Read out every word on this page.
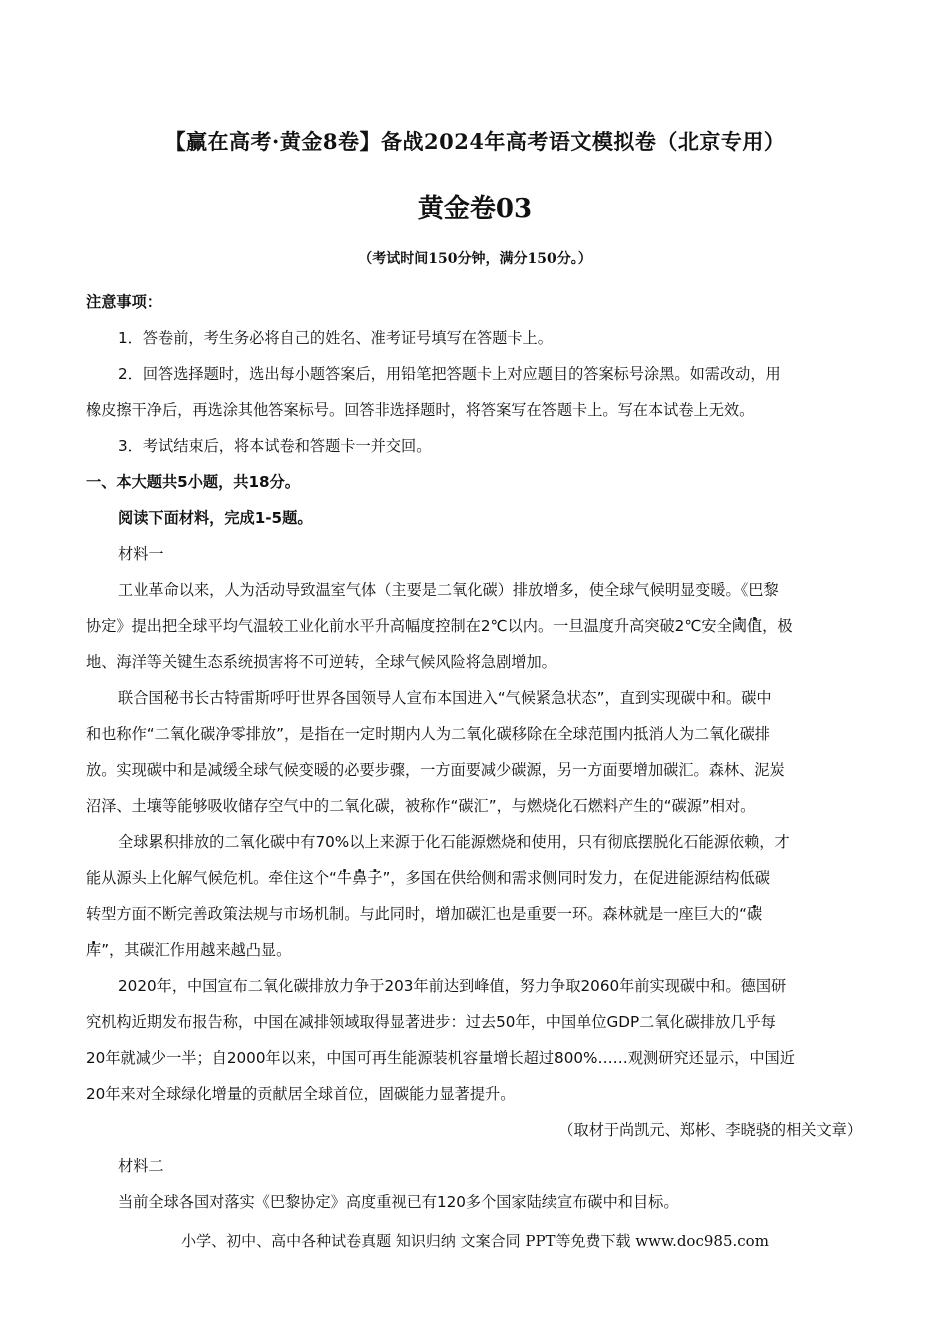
【赢在高考·黄金8卷】备战2024年高考语文模拟卷（北京专用）
黄金卷03
（考试时间150分钟，满分150分。）
注意事项：
1．答卷前，考生务必将自己的姓名、准考证号填写在答题卡上。
2．回答选择题时，选出每小题答案后，用铅笔把答题卡上对应题目的答案标号涂黑。如需改动，用
橡皮擦干净后，再选涂其他答案标号。回答非选择题时，将答案写在答题卡上。写在本试卷上无效。
3．考试结束后，将本试卷和答题卡一并交回。
一、本大题共5小题，共18分。
阅读下面材料，完成1-5题。
材料一
工业革命以来，人为活动导致温室气体（主要是二氧化碳）排放增多，使全球气候明显变暖。《巴黎
协定》提出把全球平均气温较工业化前水平升高幅度控制在2℃以内。一旦温度升高突破2℃安全阈值，极
地、海洋等关键生态系统损害将不可逆转，全球气候风险将急剧增加。
联合国秘书长古特雷斯呼吁世界各国领导人宣布本国进入“气候紧急状态”，直到实现碳中和。碳中
和也称作“二氧化碳净零排放”，是指在一定时期内人为二氧化碳移除在全球范围内抵消人为二氧化碳排
放。实现碳中和是减缓全球气候变暖的必要步骤，一方面要减少碳源，另一方面要增加碳汇。森林、泥炭
沼泽、土壤等能够吸收储存空气中的二氧化碳，被称作“碳汇”，与燃烧化石燃料产生的“碳源”相对。
全球累积排放的二氧化碳中有70%以上来源于化石能源燃烧和使用，只有彻底摆脱化石能源依赖，才
能从源头上化解气候危机。牵住这个“牛鼻子”，多国在供给侧和需求侧同时发力，在促进能源结构低碳
转型方面不断完善政策法规与市场机制。与此同时，增加碳汇也是重要一环。森林就是一座巨大的“碳
库”，其碳汇作用越来越凸显。
2020年，中国宣布二氧化碳排放力争于203年前达到峰值，努力争取2060年前实现碳中和。德国研
究机构近期发布报告称，中国在减排领域取得显著进步：过去50年，中国单位GDP二氧化碳排放几乎每
20年就减少一半；自2000年以来，中国可再生能源装机容量增长超过800%……观测研究还显示，中国近
20年来对全球绿化增量的贡献居全球首位，固碳能力显著提升。
（取材于尚凯元、郑彬、李晓骁的相关文章）
材料二
当前全球各国对落实《巴黎协定》高度重视已有120多个国家陆续宣布碳中和目标。
小学、初中、高中各种试卷真题 知识归纳 文案合同 PPT等免费下载 www.doc985.com
